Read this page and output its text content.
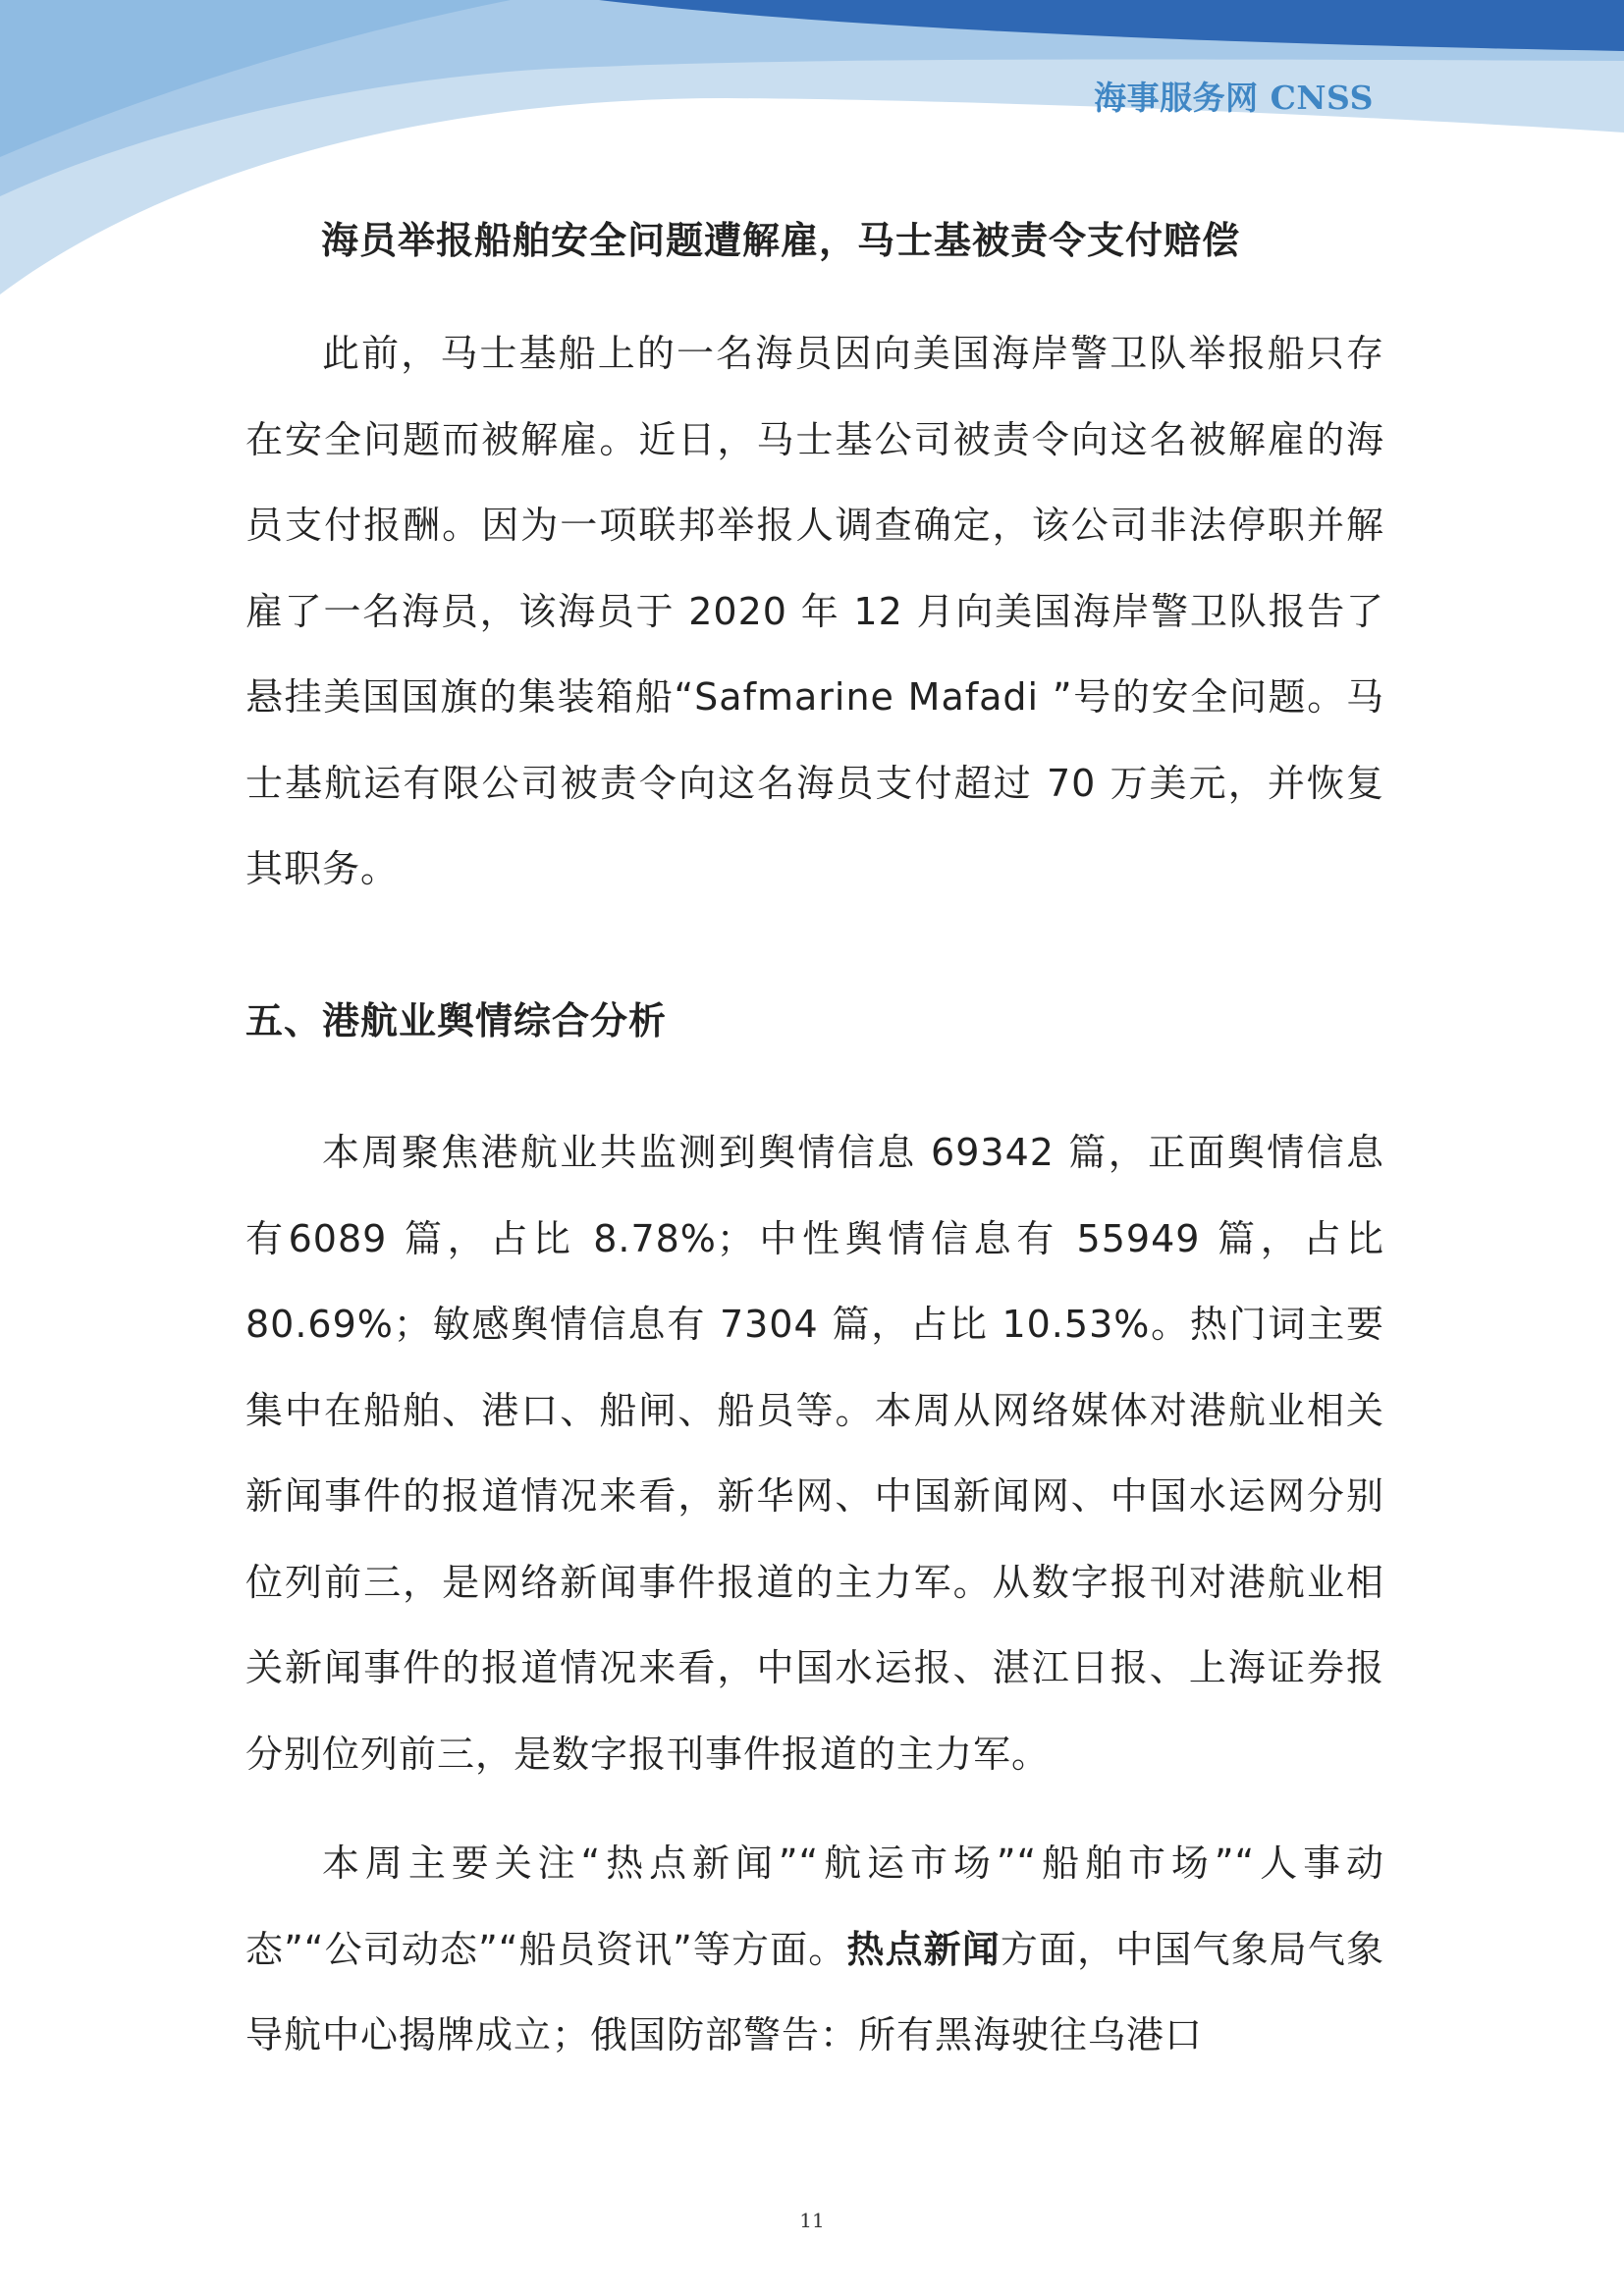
海事服务网 CNSS
海员举报船舶安全问题遭解雇，马士基被责令支付赔偿

此前，马士基船上的一名海员因向美国海岸警卫队举报船只存在安全问题而被解雇。近日，马士基公司被责令向这名被解雇的海员支付报酬。因为一项联邦举报人调查确定，该公司非法停职并解雇了一名海员，该海员于 2020 年 12 月向美国海岸警卫队报告了悬挂美国国旗的集装箱船“Safmarine Mafadi ”号的安全问题。马士基航运有限公司被责令向这名海员支付超过 70 万美元，并恢复其职务。

五、港航业舆情综合分析

本周聚焦港航业共监测到舆情信息 69342 篇，正面舆情信息有6089 篇，占比 8.78%；中性舆情信息有 55949 篇，占比 80.69%；敏感舆情信息有 7304 篇，占比 10.53%。热门词主要集中在船舶、港口、船闸、船员等。本周从网络媒体对港航业相关新闻事件的报道情况来看，新华网、中国新闻网、中国水运网分别位列前三，是网络新闻事件报道的主力军。从数字报刊对港航业相关新闻事件的报道情况来看，中国水运报、湛江日报、上海证券报分别位列前三，是数字报刊事件报道的主力军。

本周主要关注“热点新闻”“航运市场”“船舶市场”“人事动态”“公司动态”“船员资讯”等方面。热点新闻方面，中国气象局气象导航中心揭牌成立；俄国防部警告：所有黑海驶往乌港口

11
